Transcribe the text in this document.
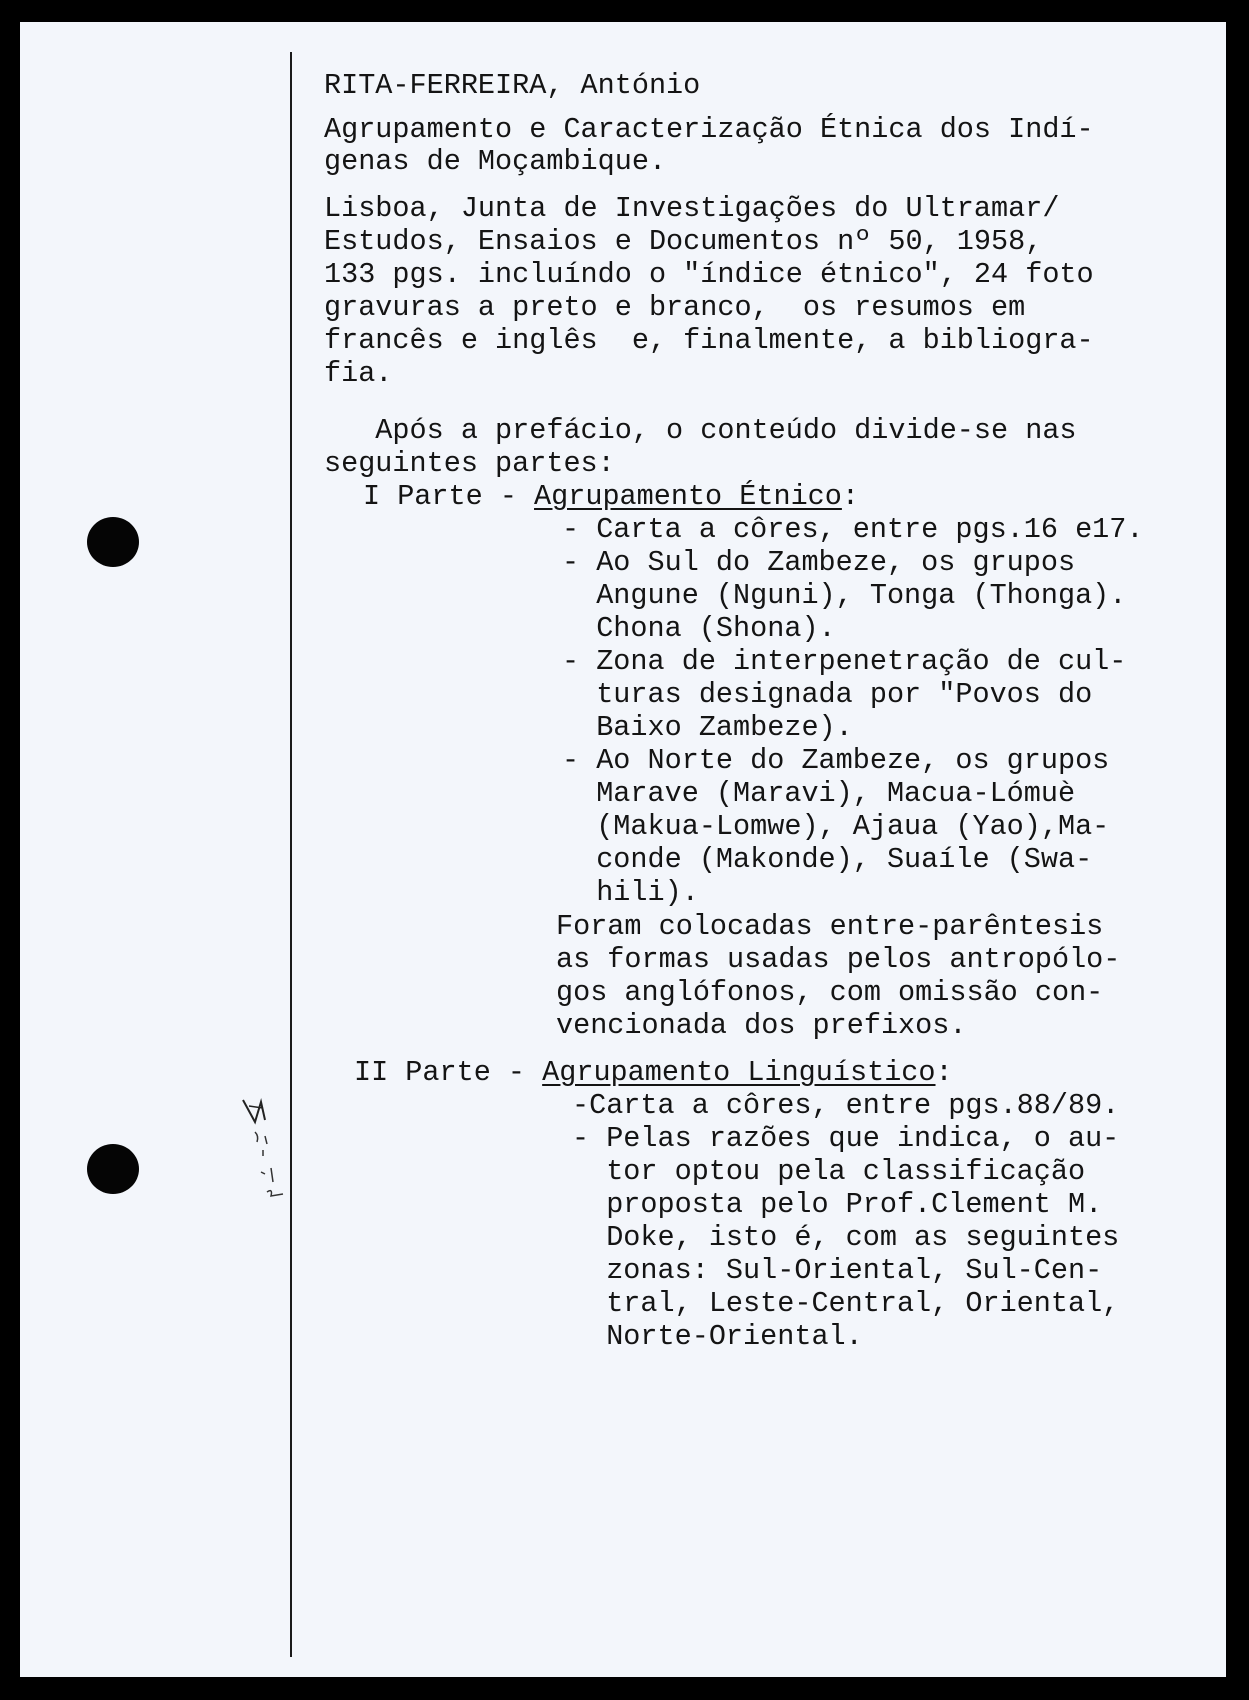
RITA-FERREIRA, António

Agrupamento e Caracterização Étnica dos Indí-

genas de Moçambique.

Lisboa, Junta de Investigações do Ultramar/

Estudos, Ensaios e Documentos nº 50, 1958,

133 pgs. incluíndo o "índice étnico", 24 foto

gravuras a preto e branco,  os resumos em

francês e inglês  e, finalmente, a bibliogra-

fia.

Após a prefácio, o conteúdo divide-se nas

seguintes partes:

I Parte - Agrupamento Étnico:

- Carta a côres, entre pgs.16 e17.

- Ao Sul do Zambeze, os grupos
Angune (Nguni), Tonga (Thonga).
Chona (Shona).

- Zona de interpenetração de cul-
turas designada por "Povos do
Baixo Zambeze).

- Ao Norte do Zambeze, os grupos
Marave (Maravi), Macua-Lómuè
(Makua-Lomwe), Ajaua (Yao),Ma-
conde (Makonde), Suaíle (Swa-
hili).

Foram colocadas entre-parêntesis

as formas usadas pelos antropólo-

gos anglófonos, com omissão con-

vencionada dos prefixos.

II Parte - Agrupamento Linguístico:

-Carta a côres, entre pgs.88/89.

- Pelas razões que indica, o au-
tor optou pela classificação
proposta pelo Prof.Clement M.
Doke, isto é, com as seguintes
zonas: Sul-Oriental, Sul-Cen-
tral, Leste-Central, Oriental,
Norte-Oriental.
